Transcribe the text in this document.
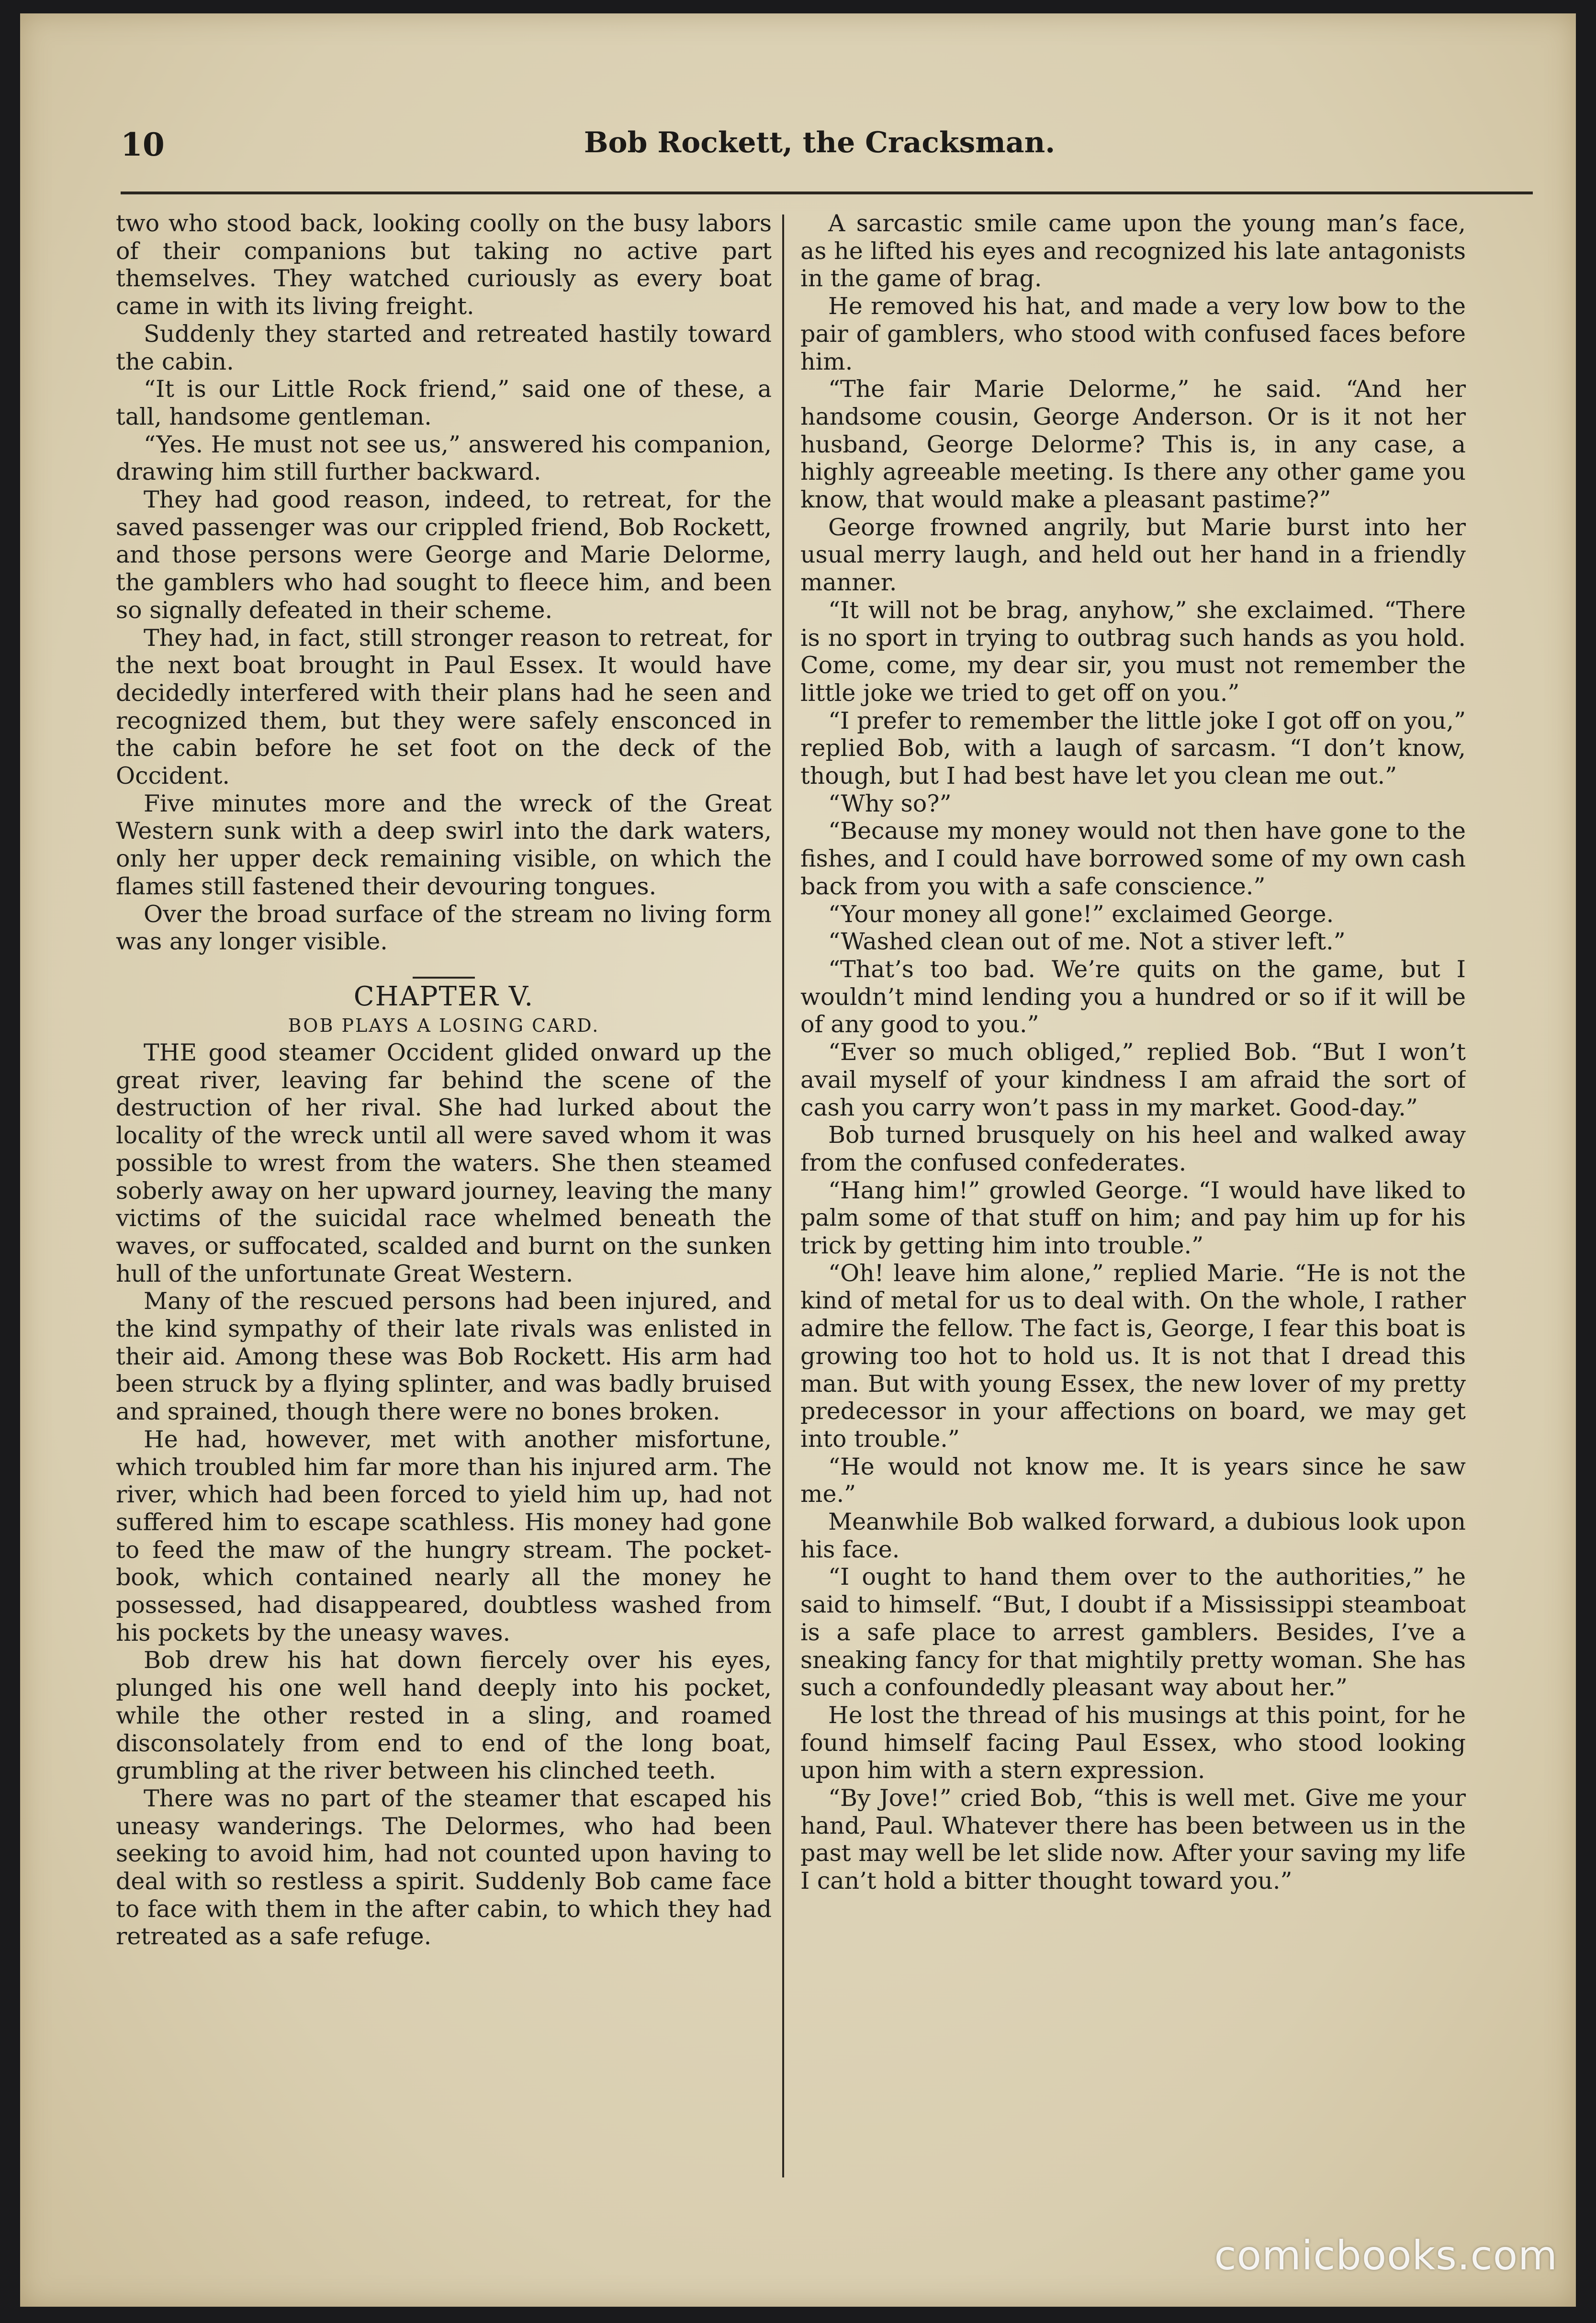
10	Bob Rockett, the Cracksman.

two who stood back, looking coolly on the busy labors of their companions but taking no active part themselves. They watched curiously as every boat came in with its living freight.

Suddenly they started and retreated hastily toward the cabin.

“It is our Little Rock friend,” said one of these, a tall, handsome gentleman.

“Yes. He must not see us,” answered his companion, drawing him still further backward.

They had good reason, indeed, to retreat, for the saved passenger was our crippled friend, Bob Rockett, and those persons were George and Marie Delorme, the gamblers who had sought to fleece him, and been so signally defeated in their scheme.

They had, in fact, still stronger reason to retreat, for the next boat brought in Paul Essex. It would have decidedly interfered with their plans had he seen and recognized them, but they were safely ensconced in the cabin before he set foot on the deck of the Occident.

Five minutes more and the wreck of the Great Western sunk with a deep swirl into the dark waters, only her upper deck remaining visible, on which the flames still fastened their devouring tongues.

Over the broad surface of the stream no living form was any longer visible.

CHAPTER V.

BOB PLAYS A LOSING CARD.

THE good steamer Occident glided onward up the great river, leaving far behind the scene of the destruction of her rival. She had lurked about the locality of the wreck until all were saved whom it was possible to wrest from the waters. She then steamed soberly away on her upward journey, leaving the many victims of the suicidal race whelmed beneath the waves, or suffocated, scalded and burnt on the sunken hull of the unfortunate Great Western.

Many of the rescued persons had been injured, and the kind sympathy of their late rivals was enlisted in their aid. Among these was Bob Rockett. His arm had been struck by a flying splinter, and was badly bruised and sprained, though there were no bones broken.

He had, however, met with another misfortune, which troubled him far more than his injured arm. The river, which had been forced to yield him up, had not suffered him to escape scathless. His money had gone to feed the maw of the hungry stream. The pocket-book, which contained nearly all the money he possessed, had disappeared, doubtless washed from his pockets by the uneasy waves.

Bob drew his hat down fiercely over his eyes, plunged his one well hand deeply into his pocket, while the other rested in a sling, and roamed disconsolately from end to end of the long boat, grumbling at the river between his clinched teeth.

There was no part of the steamer that escaped his uneasy wanderings. The Delormes, who had been seeking to avoid him, had not counted upon having to deal with so restless a spirit. Suddenly Bob came face to face with them in the after cabin, to which they had retreated as a safe refuge.

A sarcastic smile came upon the young man’s face, as he lifted his eyes and recognized his late antagonists in the game of brag.

He removed his hat, and made a very low bow to the pair of gamblers, who stood with confused faces before him.

“The fair Marie Delorme,” he said. “And her handsome cousin, George Anderson. Or is it not her husband, George Delorme? This is, in any case, a highly agreeable meeting. Is there any other game you know, that would make a pleasant pastime?”

George frowned angrily, but Marie burst into her usual merry laugh, and held out her hand in a friendly manner.

“It will not be brag, anyhow,” she exclaimed. “There is no sport in trying to outbrag such hands as you hold. Come, come, my dear sir, you must not remember the little joke we tried to get off on you.”

“I prefer to remember the little joke I got off on you,” replied Bob, with a laugh of sarcasm. “I don’t know, though, but I had best have let you clean me out.”

“Why so?”

“Because my money would not then have gone to the fishes, and I could have borrowed some of my own cash back from you with a safe conscience.”

“Your money all gone!” exclaimed George.

“Washed clean out of me. Not a stiver left.”

“That’s too bad. We’re quits on the game, but I wouldn’t mind lending you a hundred or so if it will be of any good to you.”

“Ever so much obliged,” replied Bob. “But I won’t avail myself of your kindness I am afraid the sort of cash you carry won’t pass in my market. Good-day.”

Bob turned brusquely on his heel and walked away from the confused confederates.

“Hang him!” growled George. “I would have liked to palm some of that stuff on him; and pay him up for his trick by getting him into trouble.”

“Oh! leave him alone,” replied Marie. “He is not the kind of metal for us to deal with. On the whole, I rather admire the fellow. The fact is, George, I fear this boat is growing too hot to hold us. It is not that I dread this man. But with young Essex, the new lover of my pretty predecessor in your affections on board, we may get into trouble.”

“He would not know me. It is years since he saw me.”

Meanwhile Bob walked forward, a dubious look upon his face.

“I ought to hand them over to the authorities,” he said to himself. “But, I doubt if a Mississippi steamboat is a safe place to arrest gamblers. Besides, I’ve a sneaking fancy for that mightily pretty woman. She has such a confoundedly pleasant way about her.”

He lost the thread of his musings at this point, for he found himself facing Paul Essex, who stood looking upon him with a stern expression.

“By Jove!” cried Bob, “this is well met. Give me your hand, Paul. Whatever there has been between us in the past may well be let slide now. After your saving my life I can’t hold a bitter thought toward you.”

comicbooks.com
